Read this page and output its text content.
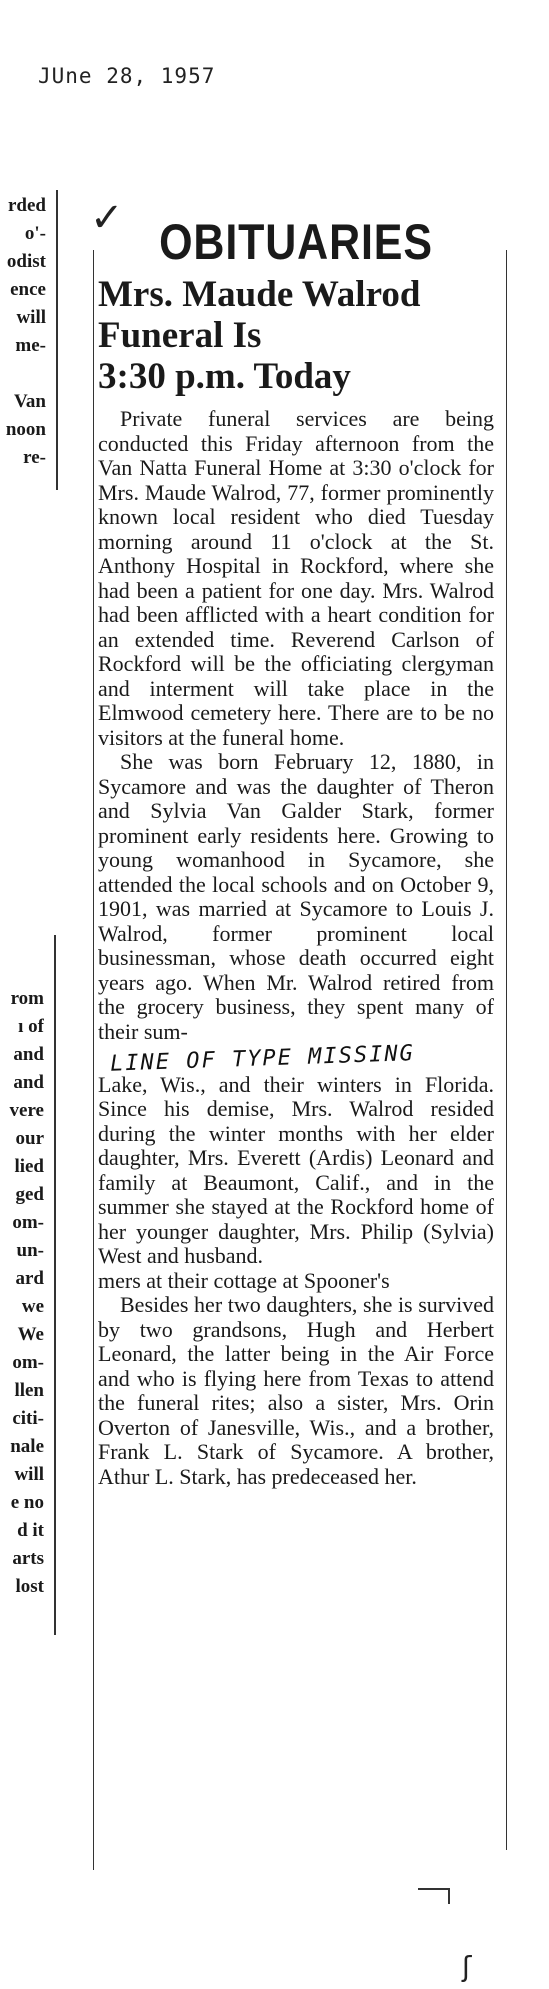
JUne 28, 1957
rded
o'-
odist
ence
will
me-
Van
noon
re-
rom
ı of
and
and
vere
our
lied
ged
om-
un-
ard
we
We
om-
llen
citi-
nale
will
e no
d it
arts
lost
✓ OBITUARIES
Mrs. Maude Walrod
Funeral Is
3:30 p.m. Today

Private funeral services are being conducted this Friday afternoon from the Van Natta Funeral Home at 3:30 o'clock for Mrs. Maude Walrod, 77, former prominently known local resident who died Tuesday morning around 11 o'clock at the St. Anthony Hospital in Rockford, where she had been a patient for one day. Mrs. Walrod had been afflicted with a heart condition for an extended time. Reverend Carlson of Rockford will be the officiating clergyman and interment will take place in the Elmwood cemetery here. There are to be no visitors at the funeral home.

She was born February 12, 1880, in Sycamore and was the daughter of Theron and Sylvia Van Galder Stark, former prominent early residents here. Growing to young womanhood in Sycamore, she attended the local schools and on October 9, 1901, was married at Sycamore to Louis J. Walrod, former prominent local businessman, whose death occurred eight years ago. When Mr. Walrod retired from the grocery business, they spent many of their sum-

LINE OF TYPE MISSING

Lake, Wis., and their winters in Florida. Since his demise, Mrs. Walrod resided during the winter months with her elder daughter, Mrs. Everett (Ardis) Leonard and family at Beaumont, Calif., and in the summer she stayed at the Rockford home of her younger daughter, Mrs. Philip (Sylvia) West and husband.

mers at their cottage at Spooner's

Besides her two daughters, she is survived by two grandsons, Hugh and Herbert Leonard, the latter being in the Air Force and who is flying here from Texas to attend the funeral rites; also a sister, Mrs. Orin Overton of Janesville, Wis., and a brother, Frank L. Stark of Sycamore. A brother, Athur L. Stark, has predeceased her.

ʃ
